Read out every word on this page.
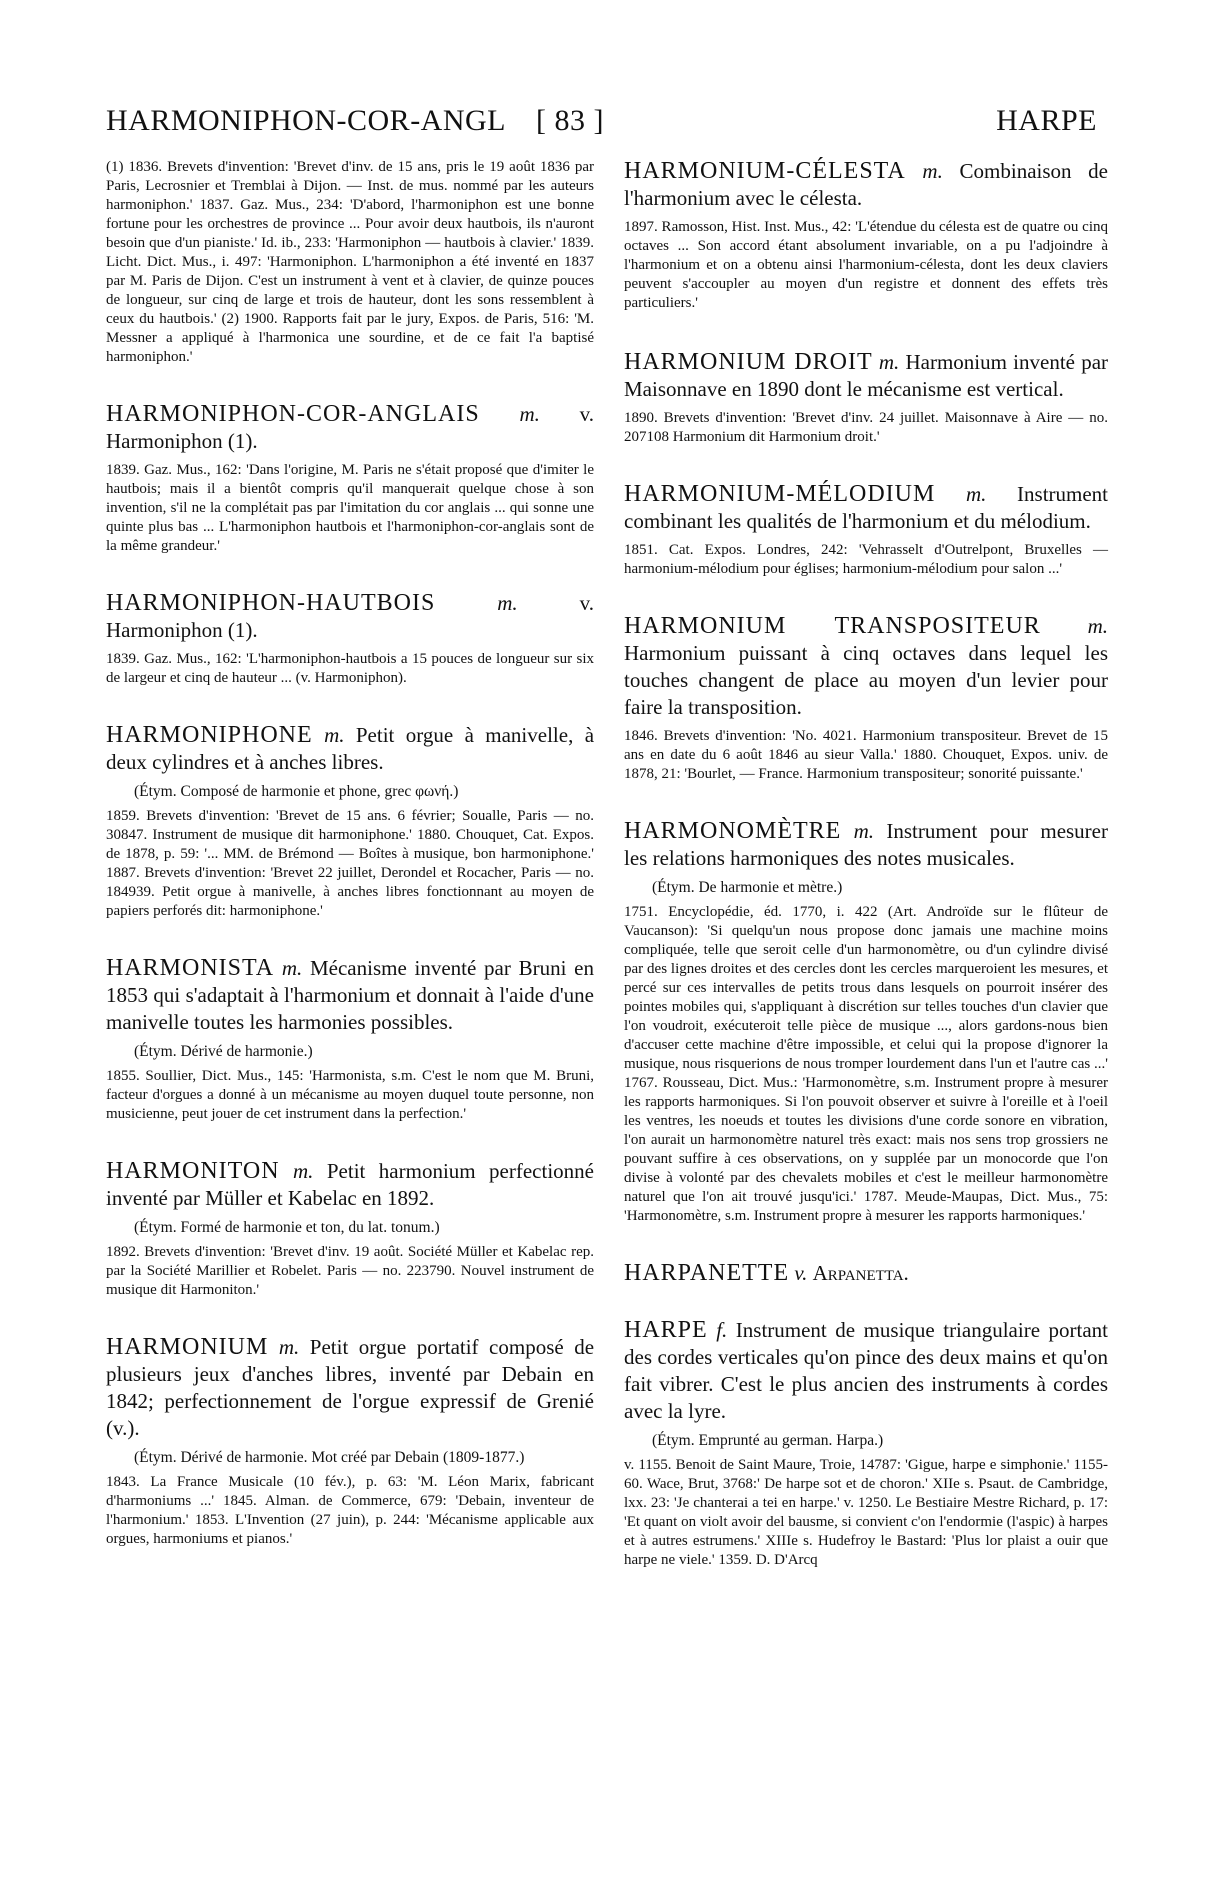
HARMONIPHON-COR-ANGL [ 83 ]	HARPE

(1) 1836. Brevets d'invention: 'Brevet d'inv. de 15 ans, pris le 19 août 1836 par Paris, Lecrosnier et Tremblai à Dijon. — Inst. de mus. nommé par les auteurs harmoniphon.' 1837. Gaz. Mus., 234: 'D'abord, l'harmoniphon est une bonne fortune pour les orchestres de province ... Pour avoir deux hautbois, ils n'auront besoin que d'un pianiste.' Id. ib., 233: 'Harmoniphon — hautbois à clavier.' 1839. Licht. Dict. Mus., i. 497: 'Harmoniphon. L'harmoniphon a été inventé en 1837 par M. Paris de Dijon. C'est un instrument à vent et à clavier, de quinze pouces de longueur, sur cinq de large et trois de hauteur, dont les sons ressemblent à ceux du hautbois.' (2) 1900. Rapports fait par le jury, Expos. de Paris, 516: 'M. Messner a appliqué à l'harmonica une sourdine, et de ce fait l'a baptisé harmoniphon.'

HARMONIPHON-COR-ANGLAIS m. v. Harmoniphon (1).

1839. Gaz. Mus., 162: 'Dans l'origine, M. Paris ne s'était proposé que d'imiter le hautbois; mais il a bientôt compris qu'il manquerait quelque chose à son invention, s'il ne la complétait pas par l'imitation du cor anglais ... qui sonne une quinte plus bas ... L'harmoniphon hautbois et l'harmoniphon-cor-anglais sont de la même grandeur.'

HARMONIPHON-HAUTBOIS	m.	v. Harmoniphon (1).

1839. Gaz. Mus., 162: 'L'harmoniphon-hautbois a 15 pouces de longueur sur six de largeur et cinq de hauteur ... (v. Harmoniphon).

HARMONIPHONE m. Petit orgue à manivelle, à deux cylindres et à anches libres.

(Étym. Composé de harmonie et phone, grec φωνή.)

1859. Brevets d'invention: 'Brevet de 15 ans. 6 février; Soualle, Paris — no. 30847. Instrument de musique dit harmoniphone.' 1880. Chouquet, Cat. Expos. de 1878, p. 59: '... MM. de Brémond — Boîtes à musique, bon harmoniphone.' 1887. Brevets d'invention: 'Brevet 22 juillet, Derondel et Rocacher, Paris — no. 184939. Petit orgue à manivelle, à anches libres fonctionnant au moyen de papiers perforés dit: harmoniphone.'

HARMONISTA m. Mécanisme inventé par Bruni en 1853 qui s'adaptait à l'harmonium et donnait à l'aide d'une manivelle toutes les harmonies possibles.

(Étym. Dérivé de harmonie.)

1855. Soullier, Dict. Mus., 145: 'Harmonista, s.m. C'est le nom que M. Bruni, facteur d'orgues a donné à un mécanisme au moyen duquel toute personne, non musicienne, peut jouer de cet instrument dans la perfection.'

HARMONITON m. Petit harmonium perfectionné inventé par Müller et Kabelac en 1892.

(Étym. Formé de harmonie et ton, du lat. tonum.)

1892. Brevets d'invention: 'Brevet d'inv. 19 août. Société Müller et Kabelac rep. par la Société Marillier et Robelet. Paris — no. 223790. Nouvel instrument de musique dit Harmoniton.'

HARMONIUM m. Petit orgue portatif composé de plusieurs jeux d'anches libres, inventé par Debain en 1842; perfectionnement de l'orgue expressif de Grenié (v.).

(Étym. Dérivé de harmonie. Mot créé par Debain (1809-1877.)

1843. La France Musicale (10 fév.), p. 63: 'M. Léon Marix, fabricant d'harmoniums ...' 1845. Alman. de Commerce, 679: 'Debain, inventeur de l'harmonium.' 1853. L'Invention (27 juin), p. 244: 'Mécanisme applicable aux orgues, harmoniums et pianos.'

HARMONIUM-CÉLESTA m. Combinaison de l'harmonium avec le célesta.

1897. Ramosson, Hist. Inst. Mus., 42: 'L'étendue du célesta est de quatre ou cinq octaves ... Son accord étant absolument invariable, on a pu l'adjoindre à l'harmonium et on a obtenu ainsi l'harmonium-célesta, dont les deux claviers peuvent s'accoupler au moyen d'un registre et donnent des effets très particuliers.'

HARMONIUM DROIT m. Harmonium inventé par Maisonnave en 1890 dont le mécanisme est vertical.

1890. Brevets d'invention: 'Brevet d'inv. 24 juillet. Maisonnave à Aire — no. 207108 Harmonium dit Harmonium droit.'

HARMONIUM-MÉLODIUM m. Instrument combinant les qualités de l'harmonium et du mélodium.

1851. Cat. Expos. Londres, 242: 'Vehrasselt d'Outrelpont, Bruxelles — harmonium-mélodium pour églises; harmonium-mélodium pour salon ...'

HARMONIUM TRANSPOSITEUR m. Harmonium puissant à cinq octaves dans lequel les touches changent de place au moyen d'un levier pour faire la transposition.

1846. Brevets d'invention: 'No. 4021. Harmonium transpositeur. Brevet de 15 ans en date du 6 août 1846 au sieur Valla.' 1880. Chouquet, Expos. univ. de 1878, 21: 'Bourlet, — France. Harmonium transpositeur; sonorité puissante.'

HARMONOMÈTRE m. Instrument pour mesurer les relations harmoniques des notes musicales.

(Étym. De harmonie et mètre.)

1751. Encyclopédie, éd. 1770, i. 422 (Art. Androïde sur le flûteur de Vaucanson): 'Si quelqu'un nous propose donc jamais une machine moins compliquée, telle que seroit celle d'un harmonomètre, ou d'un cylindre divisé par des lignes droites et des cercles dont les cercles marqueroient les mesures, et percé sur ces intervalles de petits trous dans lesquels on pourroit insérer des pointes mobiles qui, s'appliquant à discrétion sur telles touches d'un clavier que l'on voudroit, exécuteroit telle pièce de musique ..., alors gardons-nous bien d'accuser cette machine d'être impossible, et celui qui la propose d'ignorer la musique, nous risquerions de nous tromper lourdement dans l'un et l'autre cas ...' 1767. Rousseau, Dict. Mus.: 'Harmonomètre, s.m. Instrument propre à mesurer les rapports harmoniques. Si l'on pouvoit observer et suivre à l'oreille et à l'oeil les ventres, les noeuds et toutes les divisions d'une corde sonore en vibration, l'on aurait un harmonomètre naturel très exact: mais nos sens trop grossiers ne pouvant suffire à ces observations, on y supplée par un monocorde que l'on divise à volonté par des chevalets mobiles et c'est le meilleur harmonomètre naturel que l'on ait trouvé jusqu'ici.' 1787. Meude-Maupas, Dict. Mus., 75: 'Harmonomètre, s.m. Instrument propre à mesurer les rapports harmoniques.'

HARPANETTE v. Arpanetta.

HARPE f. Instrument de musique triangulaire portant des cordes verticales qu'on pince des deux mains et qu'on fait vibrer. C'est le plus ancien des instruments à cordes avec la lyre.

(Étym. Emprunté au german. Harpa.)

v. 1155. Benoit de Saint Maure, Troie, 14787: 'Gigue, harpe e simphonie.' 1155-60. Wace, Brut, 3768:' De harpe sot et de choron.' XIIe s. Psaut. de Cambridge, lxx. 23: 'Je chanterai a tei en harpe.' v. 1250. Le Bestiaire Mestre Richard, p. 17: 'Et quant on violt avoir del bausme, si convient c'on l'endormie (l'aspic) à harpes et à autres estrumens.' XIIIe s. Hudefroy le Bastard: 'Plus lor plaist a ouir que harpe ne viele.' 1359. D. D'Arcq
